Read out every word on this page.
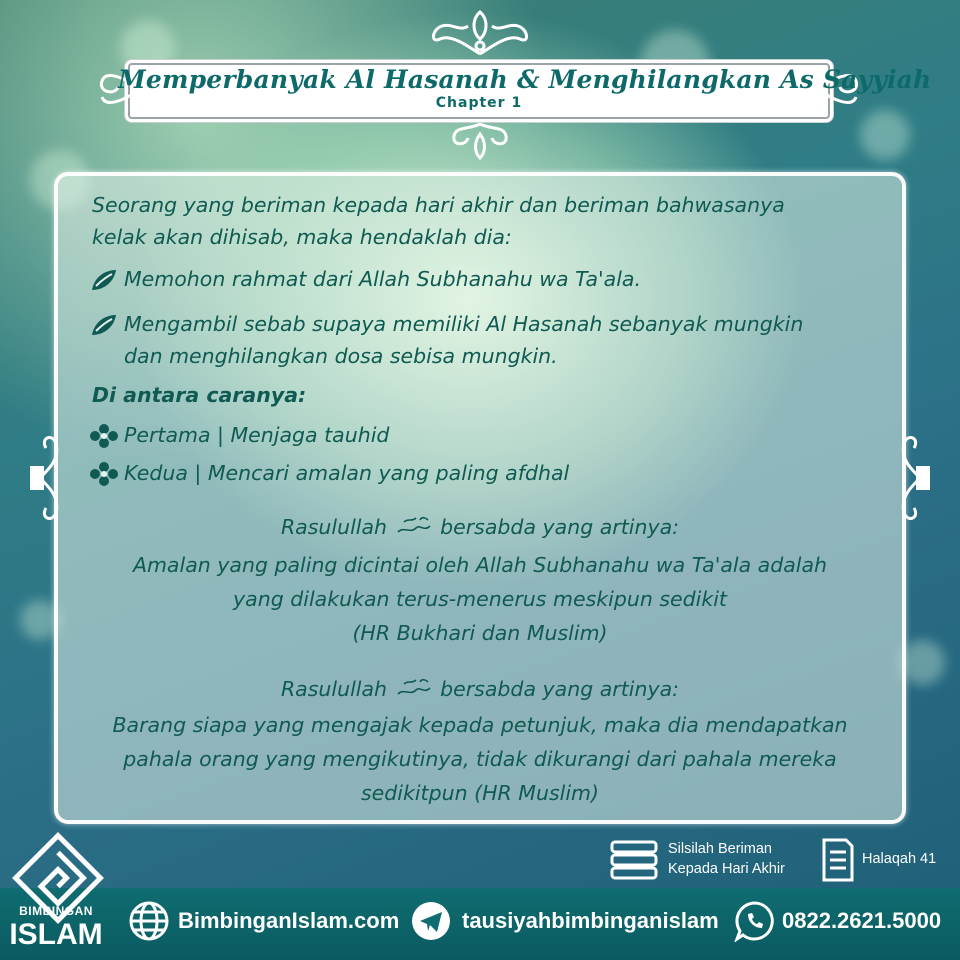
Memperbanyak Al Hasanah & Menghilangkan As Sayyiah
Chapter 1
Seorang yang beriman kepada hari akhir dan beriman bahwasanya
kelak akan dihisab, maka hendaklah dia:
Memohon rahmat dari Allah Subhanahu wa Ta'ala.
Mengambil sebab supaya memiliki Al Hasanah sebanyak mungkin
dan menghilangkan dosa sebisa mungkin.
Di antara caranya:
Pertama | Menjaga tauhid
Kedua | Mencari amalan yang paling afdhal
Rasulullah	bersabda yang artinya:
Amalan yang paling dicintai oleh Allah Subhanahu wa Ta'ala adalah
yang dilakukan terus-menerus meskipun sedikit
(HR Bukhari dan Muslim)
Rasulullah	bersabda yang artinya:
Barang siapa yang mengajak kepada petunjuk, maka dia mendapatkan
pahala orang yang mengikutinya, tidak dikurangi dari pahala mereka
sedikitpun (HR Muslim)
Silsilah Beriman
Kepada Hari Akhir
Halaqah 41
BIMBINGAN
ISLAM	BimbinganIslam.com	tausiyahbimbinganislam	0822.2621.5000
